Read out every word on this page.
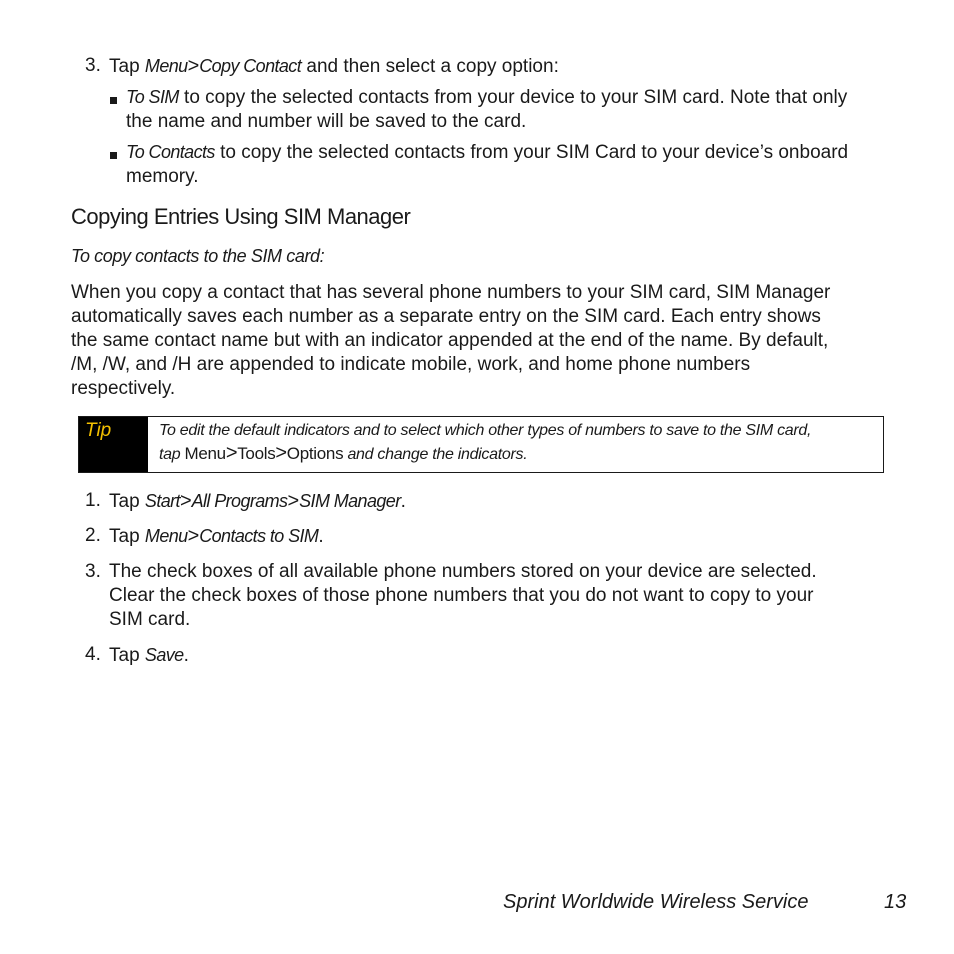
3. Tap Menu>Copy Contact and then select a copy option:
To SIM to copy the selected contacts from your device to your SIM card. Note that only
the name and number will be saved to the card.
To Contacts to copy the selected contacts from your SIM Card to your device’s onboard
memory.
Copying Entries Using SIM Manager
To copy contacts to the SIM card:
When you copy a contact that has several phone numbers to your SIM card, SIM Manager
automatically saves each number as a separate entry on the SIM card. Each entry shows
the same contact name but with an indicator appended at the end of the name. By default,
/M, /W, and /H are appended to indicate mobile, work, and home phone numbers
respectively.
Tip	To edit the default indicators and to select which other types of numbers to save to the SIM card,
tap Menu>Tools>Options and change the indicators.
1. Tap Start>All Programs>SIM Manager.
2. Tap Menu>Contacts to SIM.
3. The check boxes of all available phone numbers stored on your device are selected.
Clear the check boxes of those phone numbers that you do not want to copy to your
SIM card.
4. Tap Save.
Sprint Worldwide Wireless Service	13
